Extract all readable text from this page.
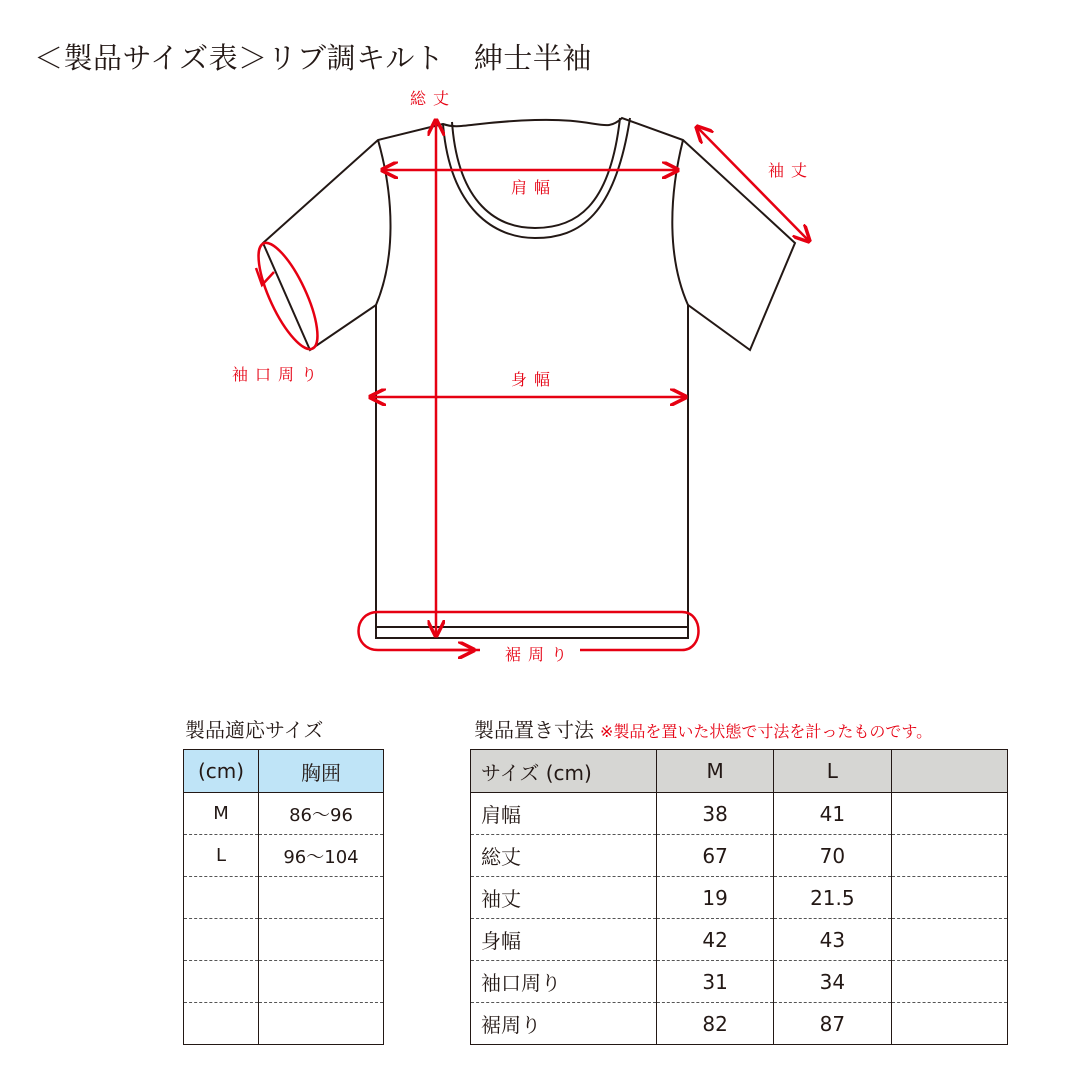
＜製品サイズ表＞リブ調キルト　紳士半袖
総丈
肩幅
袖丈
袖口周り	身幅
裾周り
製品適応サイズ
(cm)	胸囲
M	86〜96
L	96〜104

製品置き寸法 ※製品を置いた状態で寸法を計ったものです。
サイズ (cm)	M	L	
肩幅	38	41	
総丈	67	70	
袖丈	19	21.5	
身幅	42	43	
袖口周り	31	34	
裾周り	82	87	
